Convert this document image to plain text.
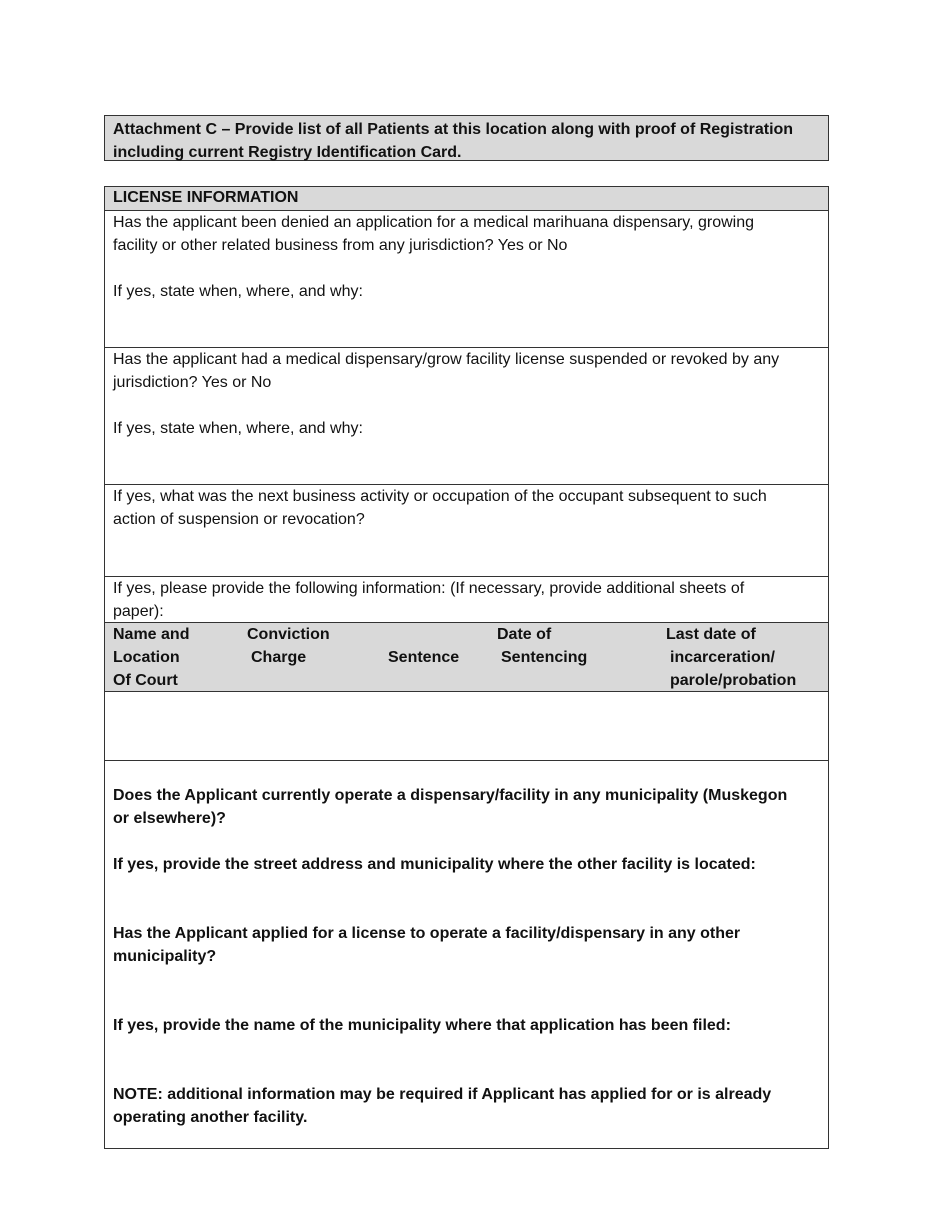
Attachment C – Provide list of all Patients at this location along with proof of Registration

including current Registry Identification Card.

LICENSE INFORMATION

Has the applicant been denied an application for a medical marihuana dispensary, growing

facility or other related business from any jurisdiction? Yes or No

If yes, state when, where, and why:

Has the applicant had a medical dispensary/grow facility license suspended or revoked by any

jurisdiction? Yes or No

If yes, state when, where, and why:

If yes, what was the next business activity or occupation of the occupant subsequent to such

action of suspension or revocation?

If yes, please provide the following information: (If necessary, provide additional sheets of

paper):

Name and
Location
Of Court
Conviction
Charge	Sentence
Date of
Sentencing
Last date of
incarceration/
parole/probation

Does the Applicant currently operate a dispensary/facility in any municipality (Muskegon

or elsewhere)?

If yes, provide the street address and municipality where the other facility is located:

Has the Applicant applied for a license to operate a facility/dispensary in any other

municipality?

If yes, provide the name of the municipality where that application has been filed:

NOTE: additional information may be required if Applicant has applied for or is already

operating another facility.
